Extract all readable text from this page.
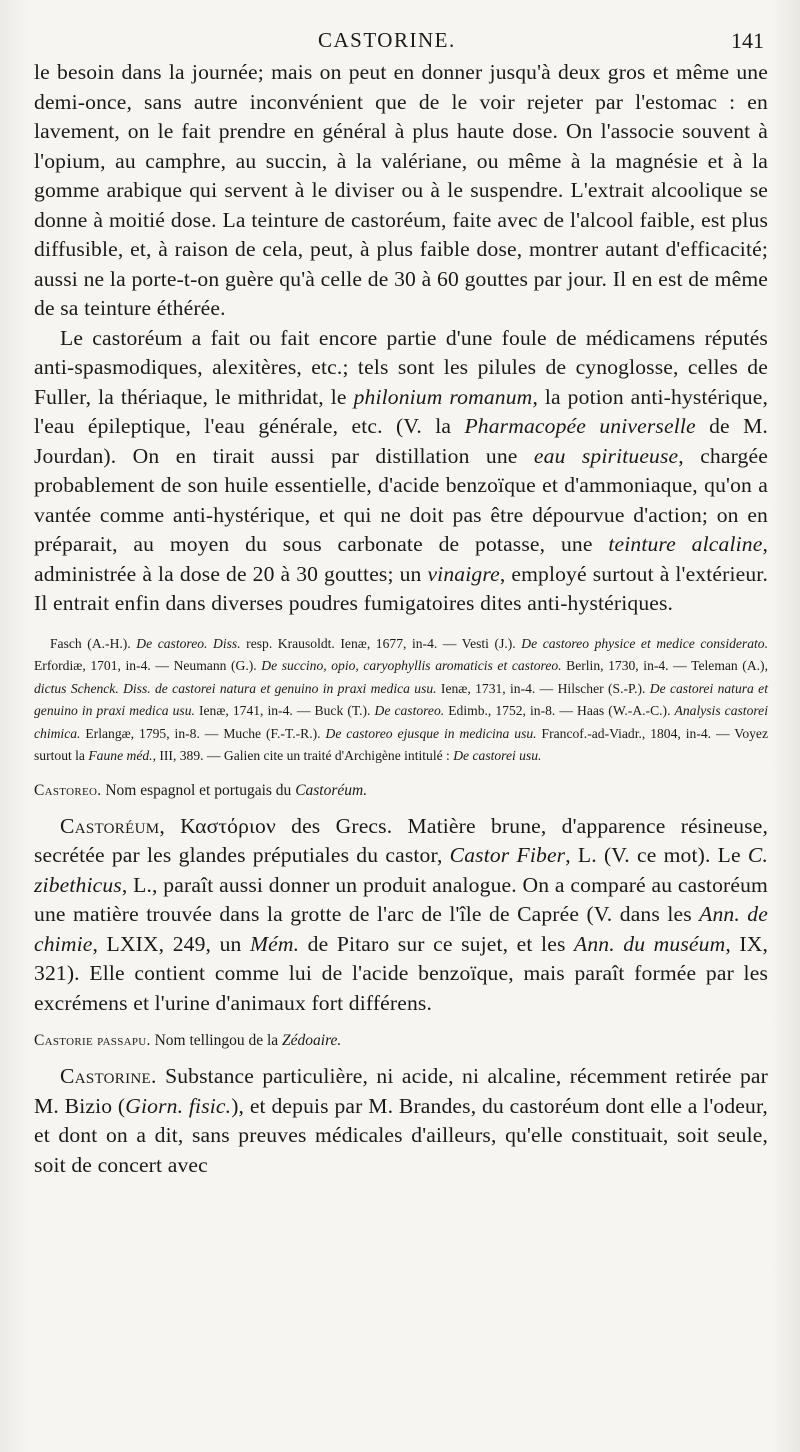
CASTORINE.	141

le besoin dans la journée; mais on peut en donner jusqu'à deux gros et même une demi-once, sans autre inconvénient que de le voir rejeter par l'estomac : en lavement, on le fait prendre en général à plus haute dose. On l'associe souvent à l'opium, au camphre, au succin, à la valériane, ou même à la magnésie et à la gomme arabique qui servent à le diviser ou à le suspendre. L'extrait alcoolique se donne à moitié dose. La teinture de castoréum, faite avec de l'alcool faible, est plus diffusible, et, à raison de cela, peut, à plus faible dose, montrer autant d'efficacité; aussi ne la porte-t-on guère qu'à celle de 30 à 60 gouttes par jour. Il en est de même de sa teinture éthérée.

Le castoréum a fait ou fait encore partie d'une foule de médicamens réputés anti-spasmodiques, alexitères, etc.; tels sont les pilules de cynoglosse, celles de Fuller, la thériaque, le mithridat, le philonium romanum, la potion anti-hystérique, l'eau épileptique, l'eau générale, etc. (V. la Pharmacopée universelle de M. Jourdan). On en tirait aussi par distillation une eau spiritueuse, chargée probablement de son huile essentielle, d'acide benzoïque et d'ammoniaque, qu'on a vantée comme anti-hystérique, et qui ne doit pas être dépourvue d'action; on en préparait, au moyen du sous carbonate de potasse, une teinture alcaline, administrée à la dose de 20 à 30 gouttes; un vinaigre, employé surtout à l'extérieur. Il entrait enfin dans diverses poudres fumigatoires dites anti-hystériques.

Fasch (A.-H.). De castoreo. Diss. resp. Krausoldt. Ienæ, 1677, in-4. — Vesti (J.). De castoreo physice et medice considerato. Erfordiæ, 1701, in-4. — Neumann (G.). De succino, opio, caryophyllis aromaticis et castoreo. Berlin, 1730, in-4. — Teleman (A.), dictus Schenck. Diss. de castorei natura et genuino in praxi medica usu. Ienæ, 1731, in-4. — Hilscher (S.-P.). De castorei natura et genuino in praxi medica usu. Ienæ, 1741, in-4. — Buck (T.). De castoreo. Edimb., 1752, in-8. — Haas (W.-A.-C.). Analysis castorei chimica. Erlangæ, 1795, in-8. — Muche (F.-T.-R.). De castoreo ejusque in medicina usu. Francof.-ad-Viadr., 1804, in-4. — Voyez surtout la Faune méd., III, 389. — Galien cite un traité d'Archigène intitulé : De castorei usu.

Castoreo. Nom espagnol et portugais du Castoréum.

Castoréum, Καστόριον des Grecs. Matière brune, d'apparence résineuse, secrétée par les glandes préputiales du castor, Castor Fiber, L. (V. ce mot). Le C. zibethicus, L., paraît aussi donner un produit analogue. On a comparé au castoréum une matière trouvée dans la grotte de l'arc de l'île de Caprée (V. dans les Ann. de chimie, LXIX, 249, un Mém. de Pitaro sur ce sujet, et les Ann. du muséum, IX, 321). Elle contient comme lui de l'acide benzoïque, mais paraît formée par les excrémens et l'urine d'animaux fort différens.

Castorie passapu. Nom tellingou de la Zédoaire.

Castorine. Substance particulière, ni acide, ni alcaline, récemment retirée par M. Bizio (Giorn. fisic.), et depuis par M. Brandes, du castoréum dont elle a l'odeur, et dont on a dit, sans preuves médicales d'ailleurs, qu'elle constituait, soit seule, soit de concert avec
